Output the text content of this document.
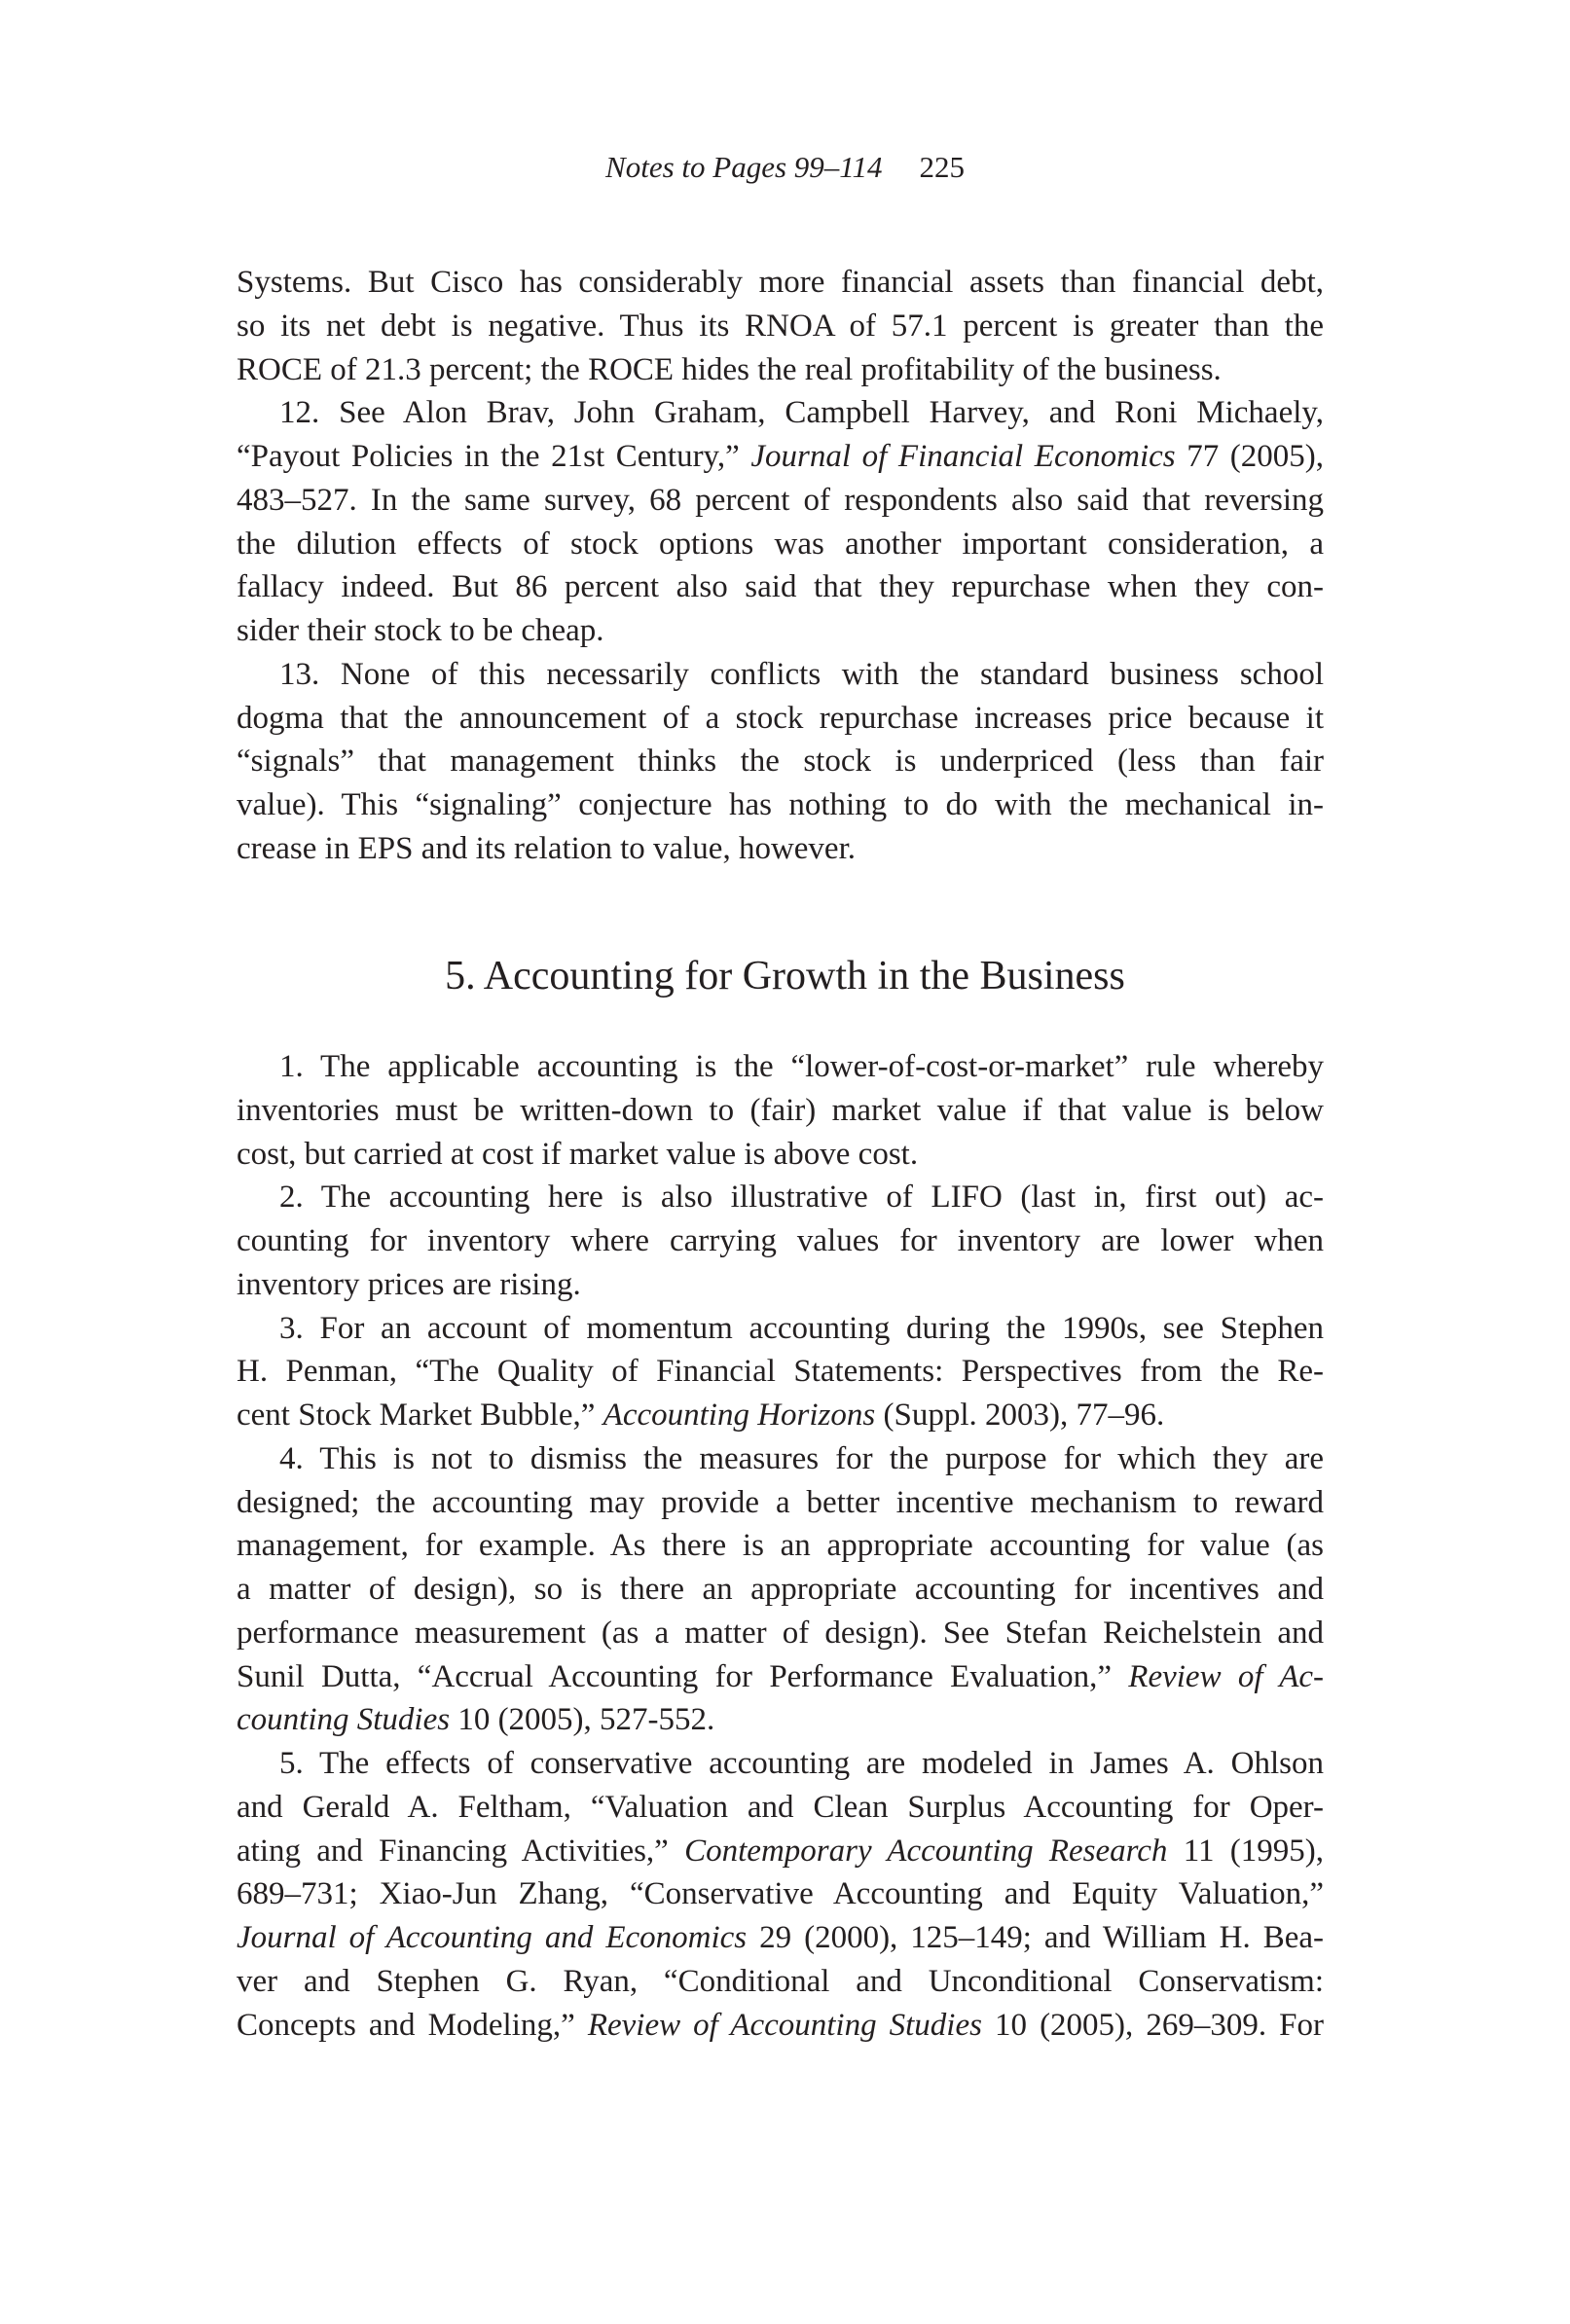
Notes to Pages 99–114 225
Systems. But Cisco has considerably more financial assets than financial debt,
so its net debt is negative. Thus its RNOA of 57.1 percent is greater than the
ROCE of 21.3 percent; the ROCE hides the real profitability of the business.
12. See Alon Brav, John Graham, Campbell Harvey, and Roni Michaely,
“Payout Policies in the 21st Century,” Journal of Financial Economics 77 (2005),
483–527. In the same survey, 68 percent of respondents also said that reversing
the dilution effects of stock options was another important consideration, a
fallacy indeed. But 86 percent also said that they repurchase when they con-
sider their stock to be cheap.
13. None of this necessarily conflicts with the standard business school
dogma that the announcement of a stock repurchase increases price because it
“signals” that management thinks the stock is underpriced (less than fair
value). This “signaling” conjecture has nothing to do with the mechanical in-
crease in EPS and its relation to value, however.
5. Accounting for Growth in the Business
1. The applicable accounting is the “lower-of-cost-or-market” rule whereby
inventories must be written-down to (fair) market value if that value is below
cost, but carried at cost if market value is above cost.
2. The accounting here is also illustrative of LIFO (last in, first out) ac-
counting for inventory where carrying values for inventory are lower when
inventory prices are rising.
3. For an account of momentum accounting during the 1990s, see Stephen
H. Penman, “The Quality of Financial Statements: Perspectives from the Re-
cent Stock Market Bubble,” Accounting Horizons (Suppl. 2003), 77–96.
4. This is not to dismiss the measures for the purpose for which they are
designed; the accounting may provide a better incentive mechanism to reward
management, for example. As there is an appropriate accounting for value (as
a matter of design), so is there an appropriate accounting for incentives and
performance measurement (as a matter of design). See Stefan Reichelstein and
Sunil Dutta, “Accrual Accounting for Performance Evaluation,” Review of Ac-
counting Studies 10 (2005), 527-552.
5. The effects of conservative accounting are modeled in James A. Ohlson
and Gerald A. Feltham, “Valuation and Clean Surplus Accounting for Oper-
ating and Financing Activities,” Contemporary Accounting Research 11 (1995),
689–731; Xiao-Jun Zhang, “Conservative Accounting and Equity Valuation,”
Journal of Accounting and Economics 29 (2000), 125–149; and William H. Bea-
ver and Stephen G. Ryan, “Conditional and Unconditional Conservatism:
Concepts and Modeling,” Review of Accounting Studies 10 (2005), 269–309. For
